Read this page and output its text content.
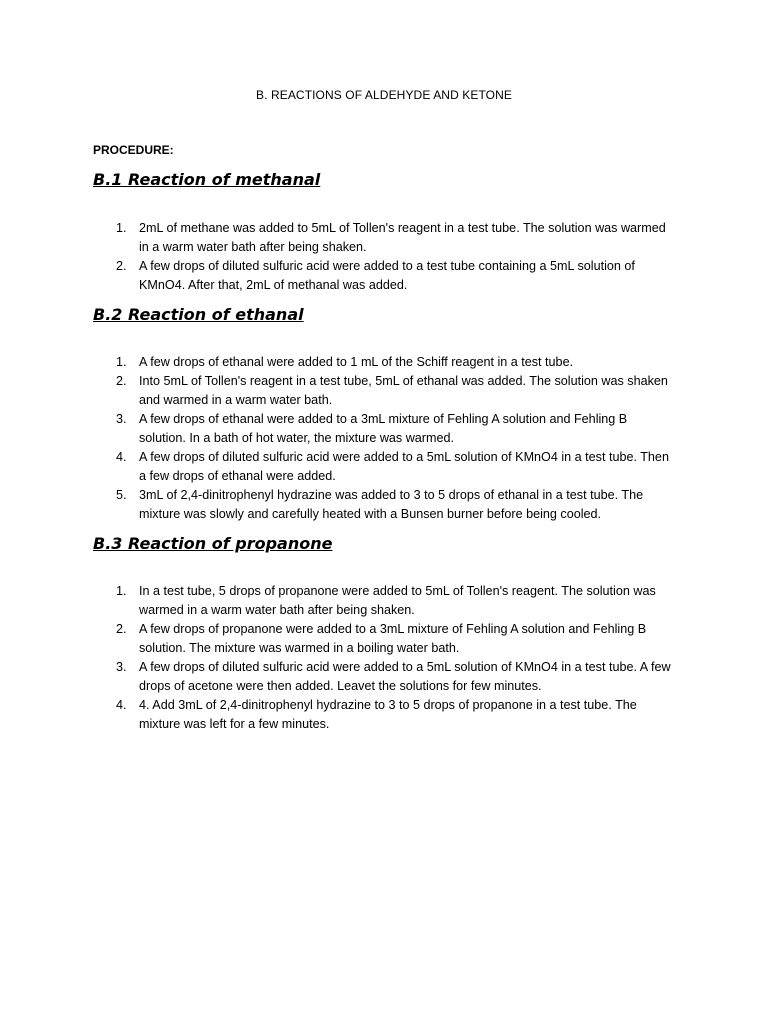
B. REACTIONS OF ALDEHYDE AND KETONE
PROCEDURE:
B.1 Reaction of methanal
1. 2mL of methane was added to 5mL of Tollen's reagent in a test tube. The solution was warmed in a warm water bath after being shaken.
2. A few drops of diluted sulfuric acid were added to a test tube containing a 5mL solution of KMnO4. After that, 2mL of methanal was added.
B.2 Reaction of ethanal
1. A few drops of ethanal were added to 1 mL of the Schiff reagent in a test tube.
2. Into 5mL of Tollen's reagent in a test tube, 5mL of ethanal was added. The solution was shaken and warmed in a warm water bath.
3. A few drops of ethanal were added to a 3mL mixture of Fehling A solution and Fehling B solution. In a bath of hot water, the mixture was warmed.
4. A few drops of diluted sulfuric acid were added to a 5mL solution of KMnO4 in a test tube. Then a few drops of ethanal were added.
5. 3mL of 2,4-dinitrophenyl hydrazine was added to 3 to 5 drops of ethanal in a test tube. The mixture was slowly and carefully heated with a Bunsen burner before being cooled.
B.3 Reaction of propanone
1. In a test tube, 5 drops of propanone were added to 5mL of Tollen's reagent. The solution was warmed in a warm water bath after being shaken.
2. A few drops of propanone were added to a 3mL mixture of Fehling A solution and Fehling B solution. The mixture was warmed in a boiling water bath.
3. A few drops of diluted sulfuric acid were added to a 5mL solution of KMnO4 in a test tube. A few drops of acetone were then added. Leavet the solutions for few minutes.
4. 4. Add 3mL of 2,4-dinitrophenyl hydrazine to 3 to 5 drops of propanone in a test tube. The mixture was left for a few minutes.
